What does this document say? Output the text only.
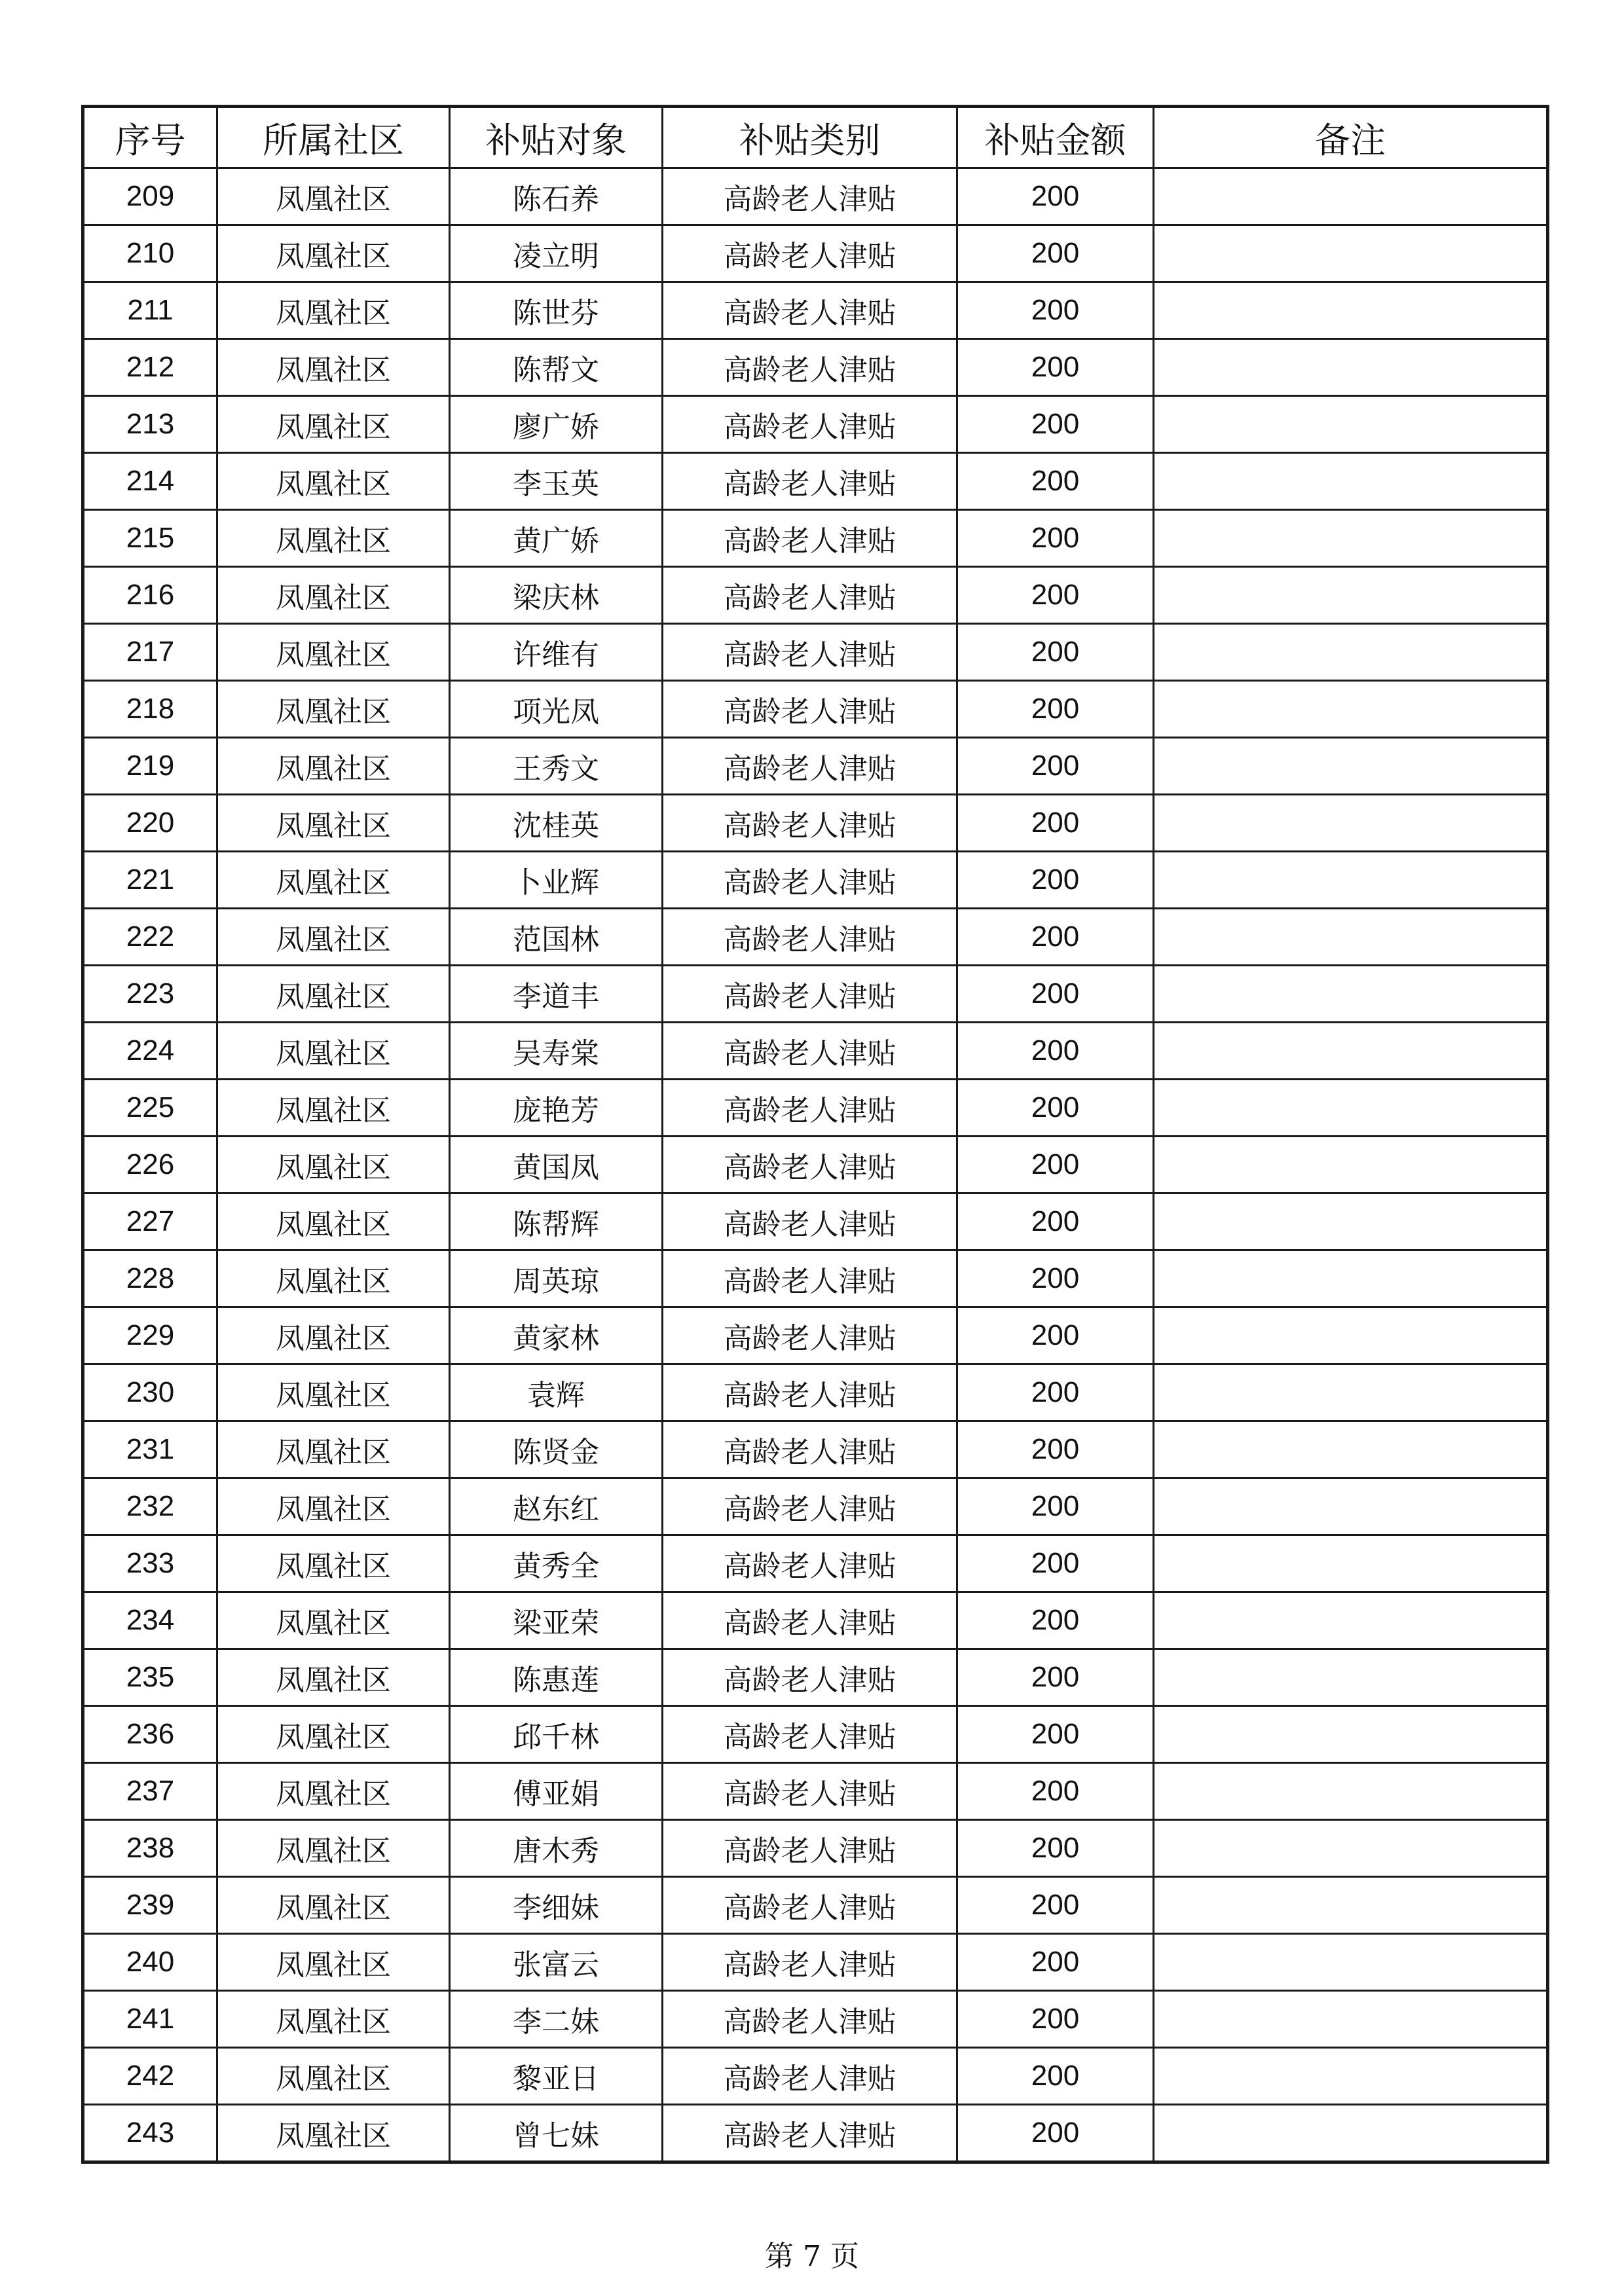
序号	所属社区	补贴对象	补贴类别	补贴金额	备注
209	凤凰社区	陈石养	高龄老人津贴	200	
210	凤凰社区	凌立明	高龄老人津贴	200	
211	凤凰社区	陈世芬	高龄老人津贴	200	
212	凤凰社区	陈帮文	高龄老人津贴	200	
213	凤凰社区	廖广娇	高龄老人津贴	200	
214	凤凰社区	李玉英	高龄老人津贴	200	
215	凤凰社区	黄广娇	高龄老人津贴	200	
216	凤凰社区	梁庆林	高龄老人津贴	200	
217	凤凰社区	许维有	高龄老人津贴	200	
218	凤凰社区	项光凤	高龄老人津贴	200	
219	凤凰社区	王秀文	高龄老人津贴	200	
220	凤凰社区	沈桂英	高龄老人津贴	200	
221	凤凰社区	卜业辉	高龄老人津贴	200	
222	凤凰社区	范国林	高龄老人津贴	200	
223	凤凰社区	李道丰	高龄老人津贴	200	
224	凤凰社区	吴寿棠	高龄老人津贴	200	
225	凤凰社区	庞艳芳	高龄老人津贴	200	
226	凤凰社区	黄国凤	高龄老人津贴	200	
227	凤凰社区	陈帮辉	高龄老人津贴	200	
228	凤凰社区	周英琼	高龄老人津贴	200	
229	凤凰社区	黄家林	高龄老人津贴	200	
230	凤凰社区	袁辉	高龄老人津贴	200	
231	凤凰社区	陈贤金	高龄老人津贴	200	
232	凤凰社区	赵东红	高龄老人津贴	200	
233	凤凰社区	黄秀全	高龄老人津贴	200	
234	凤凰社区	梁亚荣	高龄老人津贴	200	
235	凤凰社区	陈惠莲	高龄老人津贴	200	
236	凤凰社区	邱千林	高龄老人津贴	200	
237	凤凰社区	傅亚娟	高龄老人津贴	200	
238	凤凰社区	唐木秀	高龄老人津贴	200	
239	凤凰社区	李细妹	高龄老人津贴	200	
240	凤凰社区	张富云	高龄老人津贴	200	
241	凤凰社区	李二妹	高龄老人津贴	200	
242	凤凰社区	黎亚日	高龄老人津贴	200	
243	凤凰社区	曾七妹	高龄老人津贴	200	
第 7 页
